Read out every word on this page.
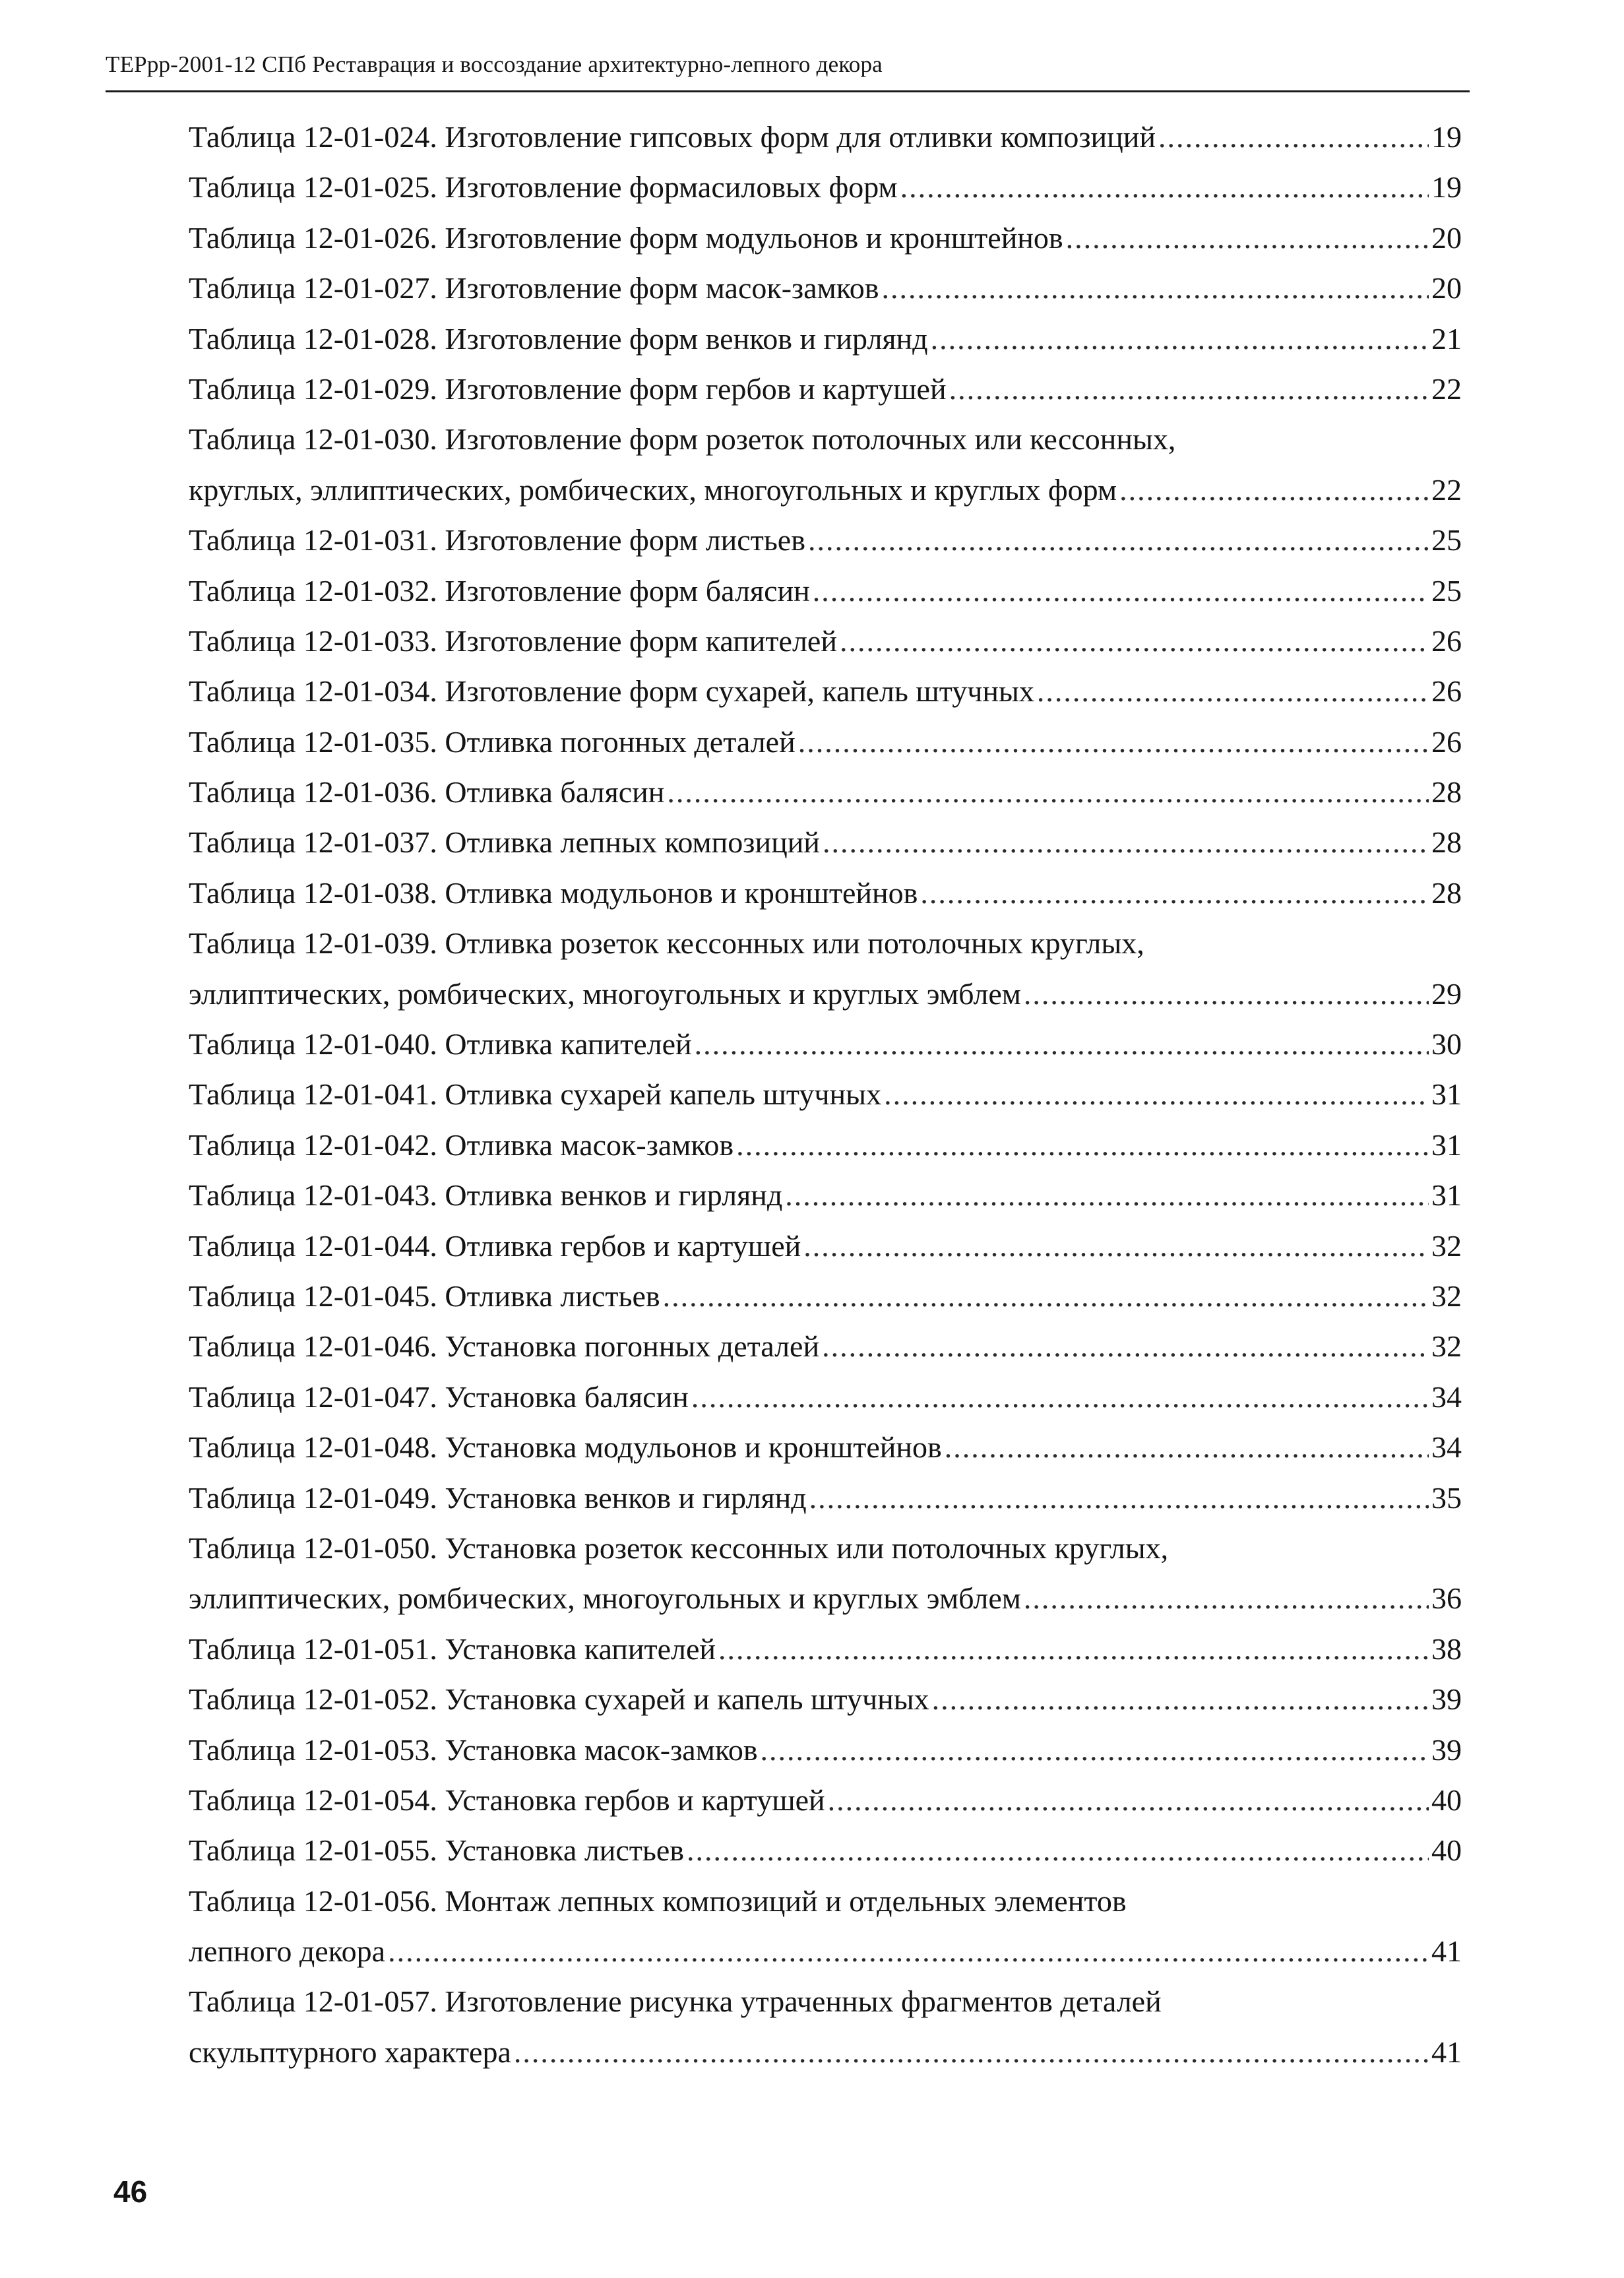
ТЕРрр-2001-12 СПб Реставрация и воссоздание архитектурно-лепного декора
Таблица 12-01-024. Изготовление гипсовых форм для отливки композиций .....	19
Таблица 12-01-025. Изготовление формасиловых форм .....	19
Таблица 12-01-026. Изготовление форм модульонов и кронштейнов .....	20
Таблица 12-01-027. Изготовление форм масок-замков .....	20
Таблица 12-01-028. Изготовление форм венков и гирлянд .....	21
Таблица 12-01-029. Изготовление форм гербов и картушей .....	22
Таблица 12-01-030. Изготовление форм розеток потолочных или кессонных,
круглых, эллиптических, ромбических, многоугольных и круглых форм .....	22
Таблица 12-01-031. Изготовление форм листьев .....	25
Таблица 12-01-032. Изготовление форм балясин .....	25
Таблица 12-01-033. Изготовление форм капителей .....	26
Таблица 12-01-034. Изготовление форм сухарей, капель штучных .....	26
Таблица 12-01-035. Отливка погонных деталей .....	26
Таблица 12-01-036. Отливка балясин .....	28
Таблица 12-01-037. Отливка лепных композиций .....	28
Таблица 12-01-038. Отливка модульонов и кронштейнов .....	28
Таблица 12-01-039. Отливка розеток кессонных или потолочных круглых,
эллиптических, ромбических, многоугольных и круглых эмблем .....	29
Таблица 12-01-040. Отливка капителей .....	30
Таблица 12-01-041. Отливка сухарей капель штучных .....	31
Таблица 12-01-042. Отливка масок-замков .....	31
Таблица 12-01-043. Отливка венков и гирлянд .....	31
Таблица 12-01-044. Отливка гербов и картушей .....	32
Таблица 12-01-045. Отливка листьев .....	32
Таблица 12-01-046. Установка погонных деталей .....	32
Таблица 12-01-047. Установка балясин .....	34
Таблица 12-01-048. Установка модульонов и кронштейнов .....	34
Таблица 12-01-049. Установка венков и гирлянд .....	35
Таблица 12-01-050. Установка розеток кессонных или потолочных круглых,
эллиптических, ромбических, многоугольных и круглых эмблем .....	36
Таблица 12-01-051. Установка капителей .....	38
Таблица 12-01-052. Установка сухарей и капель штучных .....	39
Таблица 12-01-053. Установка масок-замков .....	39
Таблица 12-01-054. Установка гербов и картушей .....	40
Таблица 12-01-055. Установка листьев .....	40
Таблица 12-01-056. Монтаж лепных композиций и отдельных элементов
лепного декора .....	41
Таблица 12-01-057. Изготовление рисунка утраченных фрагментов деталей
скульптурного характера .....	41
46
